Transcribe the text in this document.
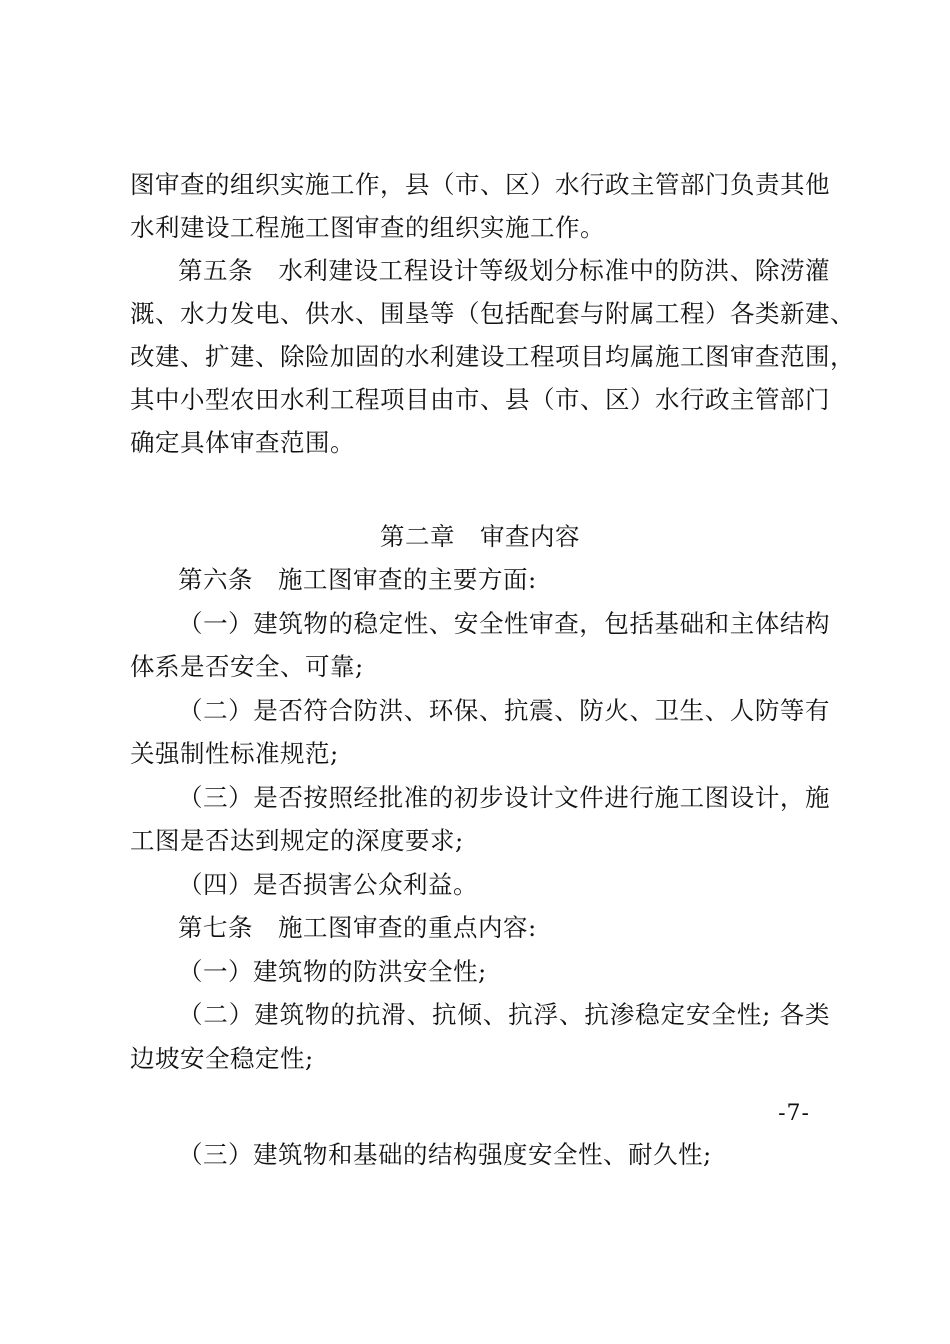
图审查的组织实施工作，县（市、区）水行政主管部门负责其他
水利建设工程施工图审查的组织实施工作。
第五条　水利建设工程设计等级划分标准中的防洪、除涝灌
溉、水力发电、供水、围垦等（包括配套与附属工程）各类新建、
改建、扩建、除险加固的水利建设工程项目均属施工图审查范围，
其中小型农田水利工程项目由市、县（市、区）水行政主管部门
确定具体审查范围。
第二章　审查内容
第六条　施工图审查的主要方面:
（一）建筑物的稳定性、安全性审查，包括基础和主体结构
体系是否安全、可靠;
（二）是否符合防洪、环保、抗震、防火、卫生、人防等有
关强制性标准规范;
（三）是否按照经批准的初步设计文件进行施工图设计，施
工图是否达到规定的深度要求;
（四）是否损害公众利益。
第七条　施工图审查的重点内容:
（一）建筑物的防洪安全性;
（二）建筑物的抗滑、抗倾、抗浮、抗渗稳定安全性; 各类
边坡安全稳定性;
-7-
（三）建筑物和基础的结构强度安全性、耐久性;
